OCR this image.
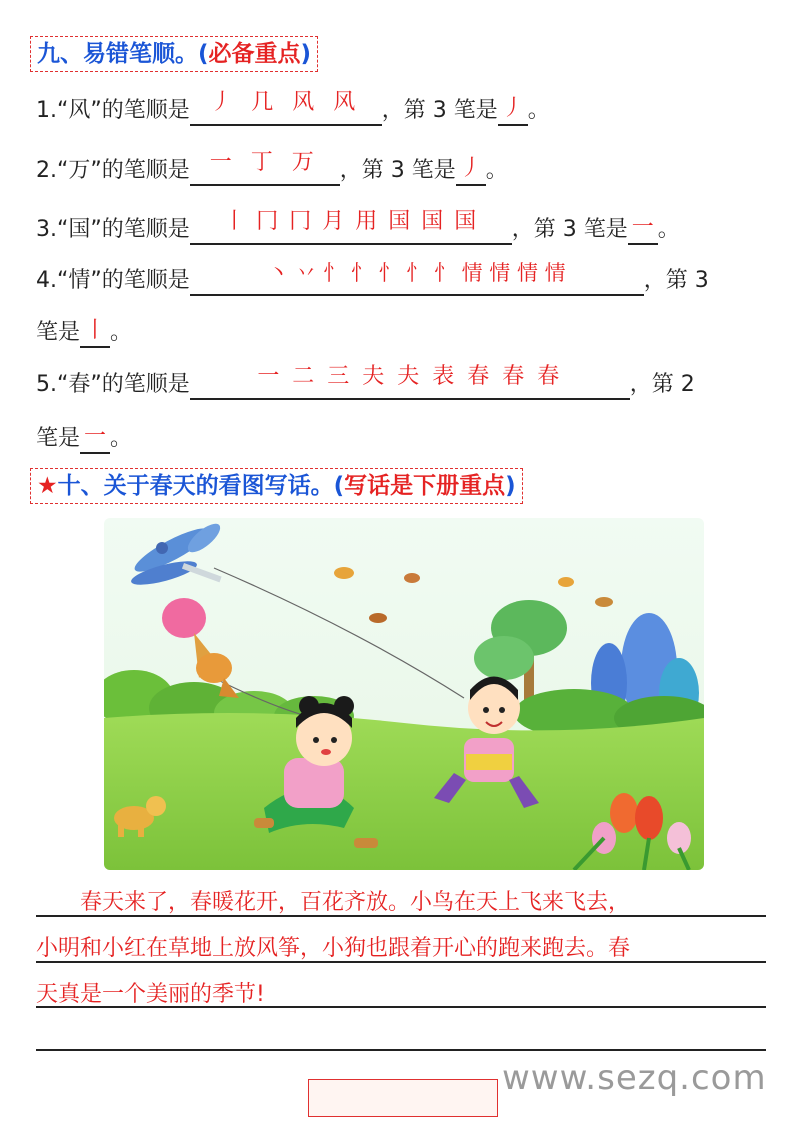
九、易错笔顺。(必备重点)
1.“风”的笔顺是 丿 几 风 风 ，第 3 笔是 丿 。
2.“万”的笔顺是 一 丁 万 ，第 3 笔是 丿 。
3.“国”的笔顺是 丨 冂 冂 月 用 国 国 国 ，第 3 笔是 一 。
4.“情”的笔顺是	丶 丷 忄 忄 忄 忄 忄 情 情 情 情	，第 3
笔是 丨 。
5.“春”的笔顺是	一 二 三 夫 夫 表 春 春 春	，第 2
笔是 一 。
★十、关于春天的看图写话。(写话是下册重点)
　　春天来了，春暖花开，百花齐放。小鸟在天上飞来飞去，
小明和小红在草地上放风筝，小狗也跟着开心的跑来跑去。春
天真是一个美丽的季节!
www.sezq.com
